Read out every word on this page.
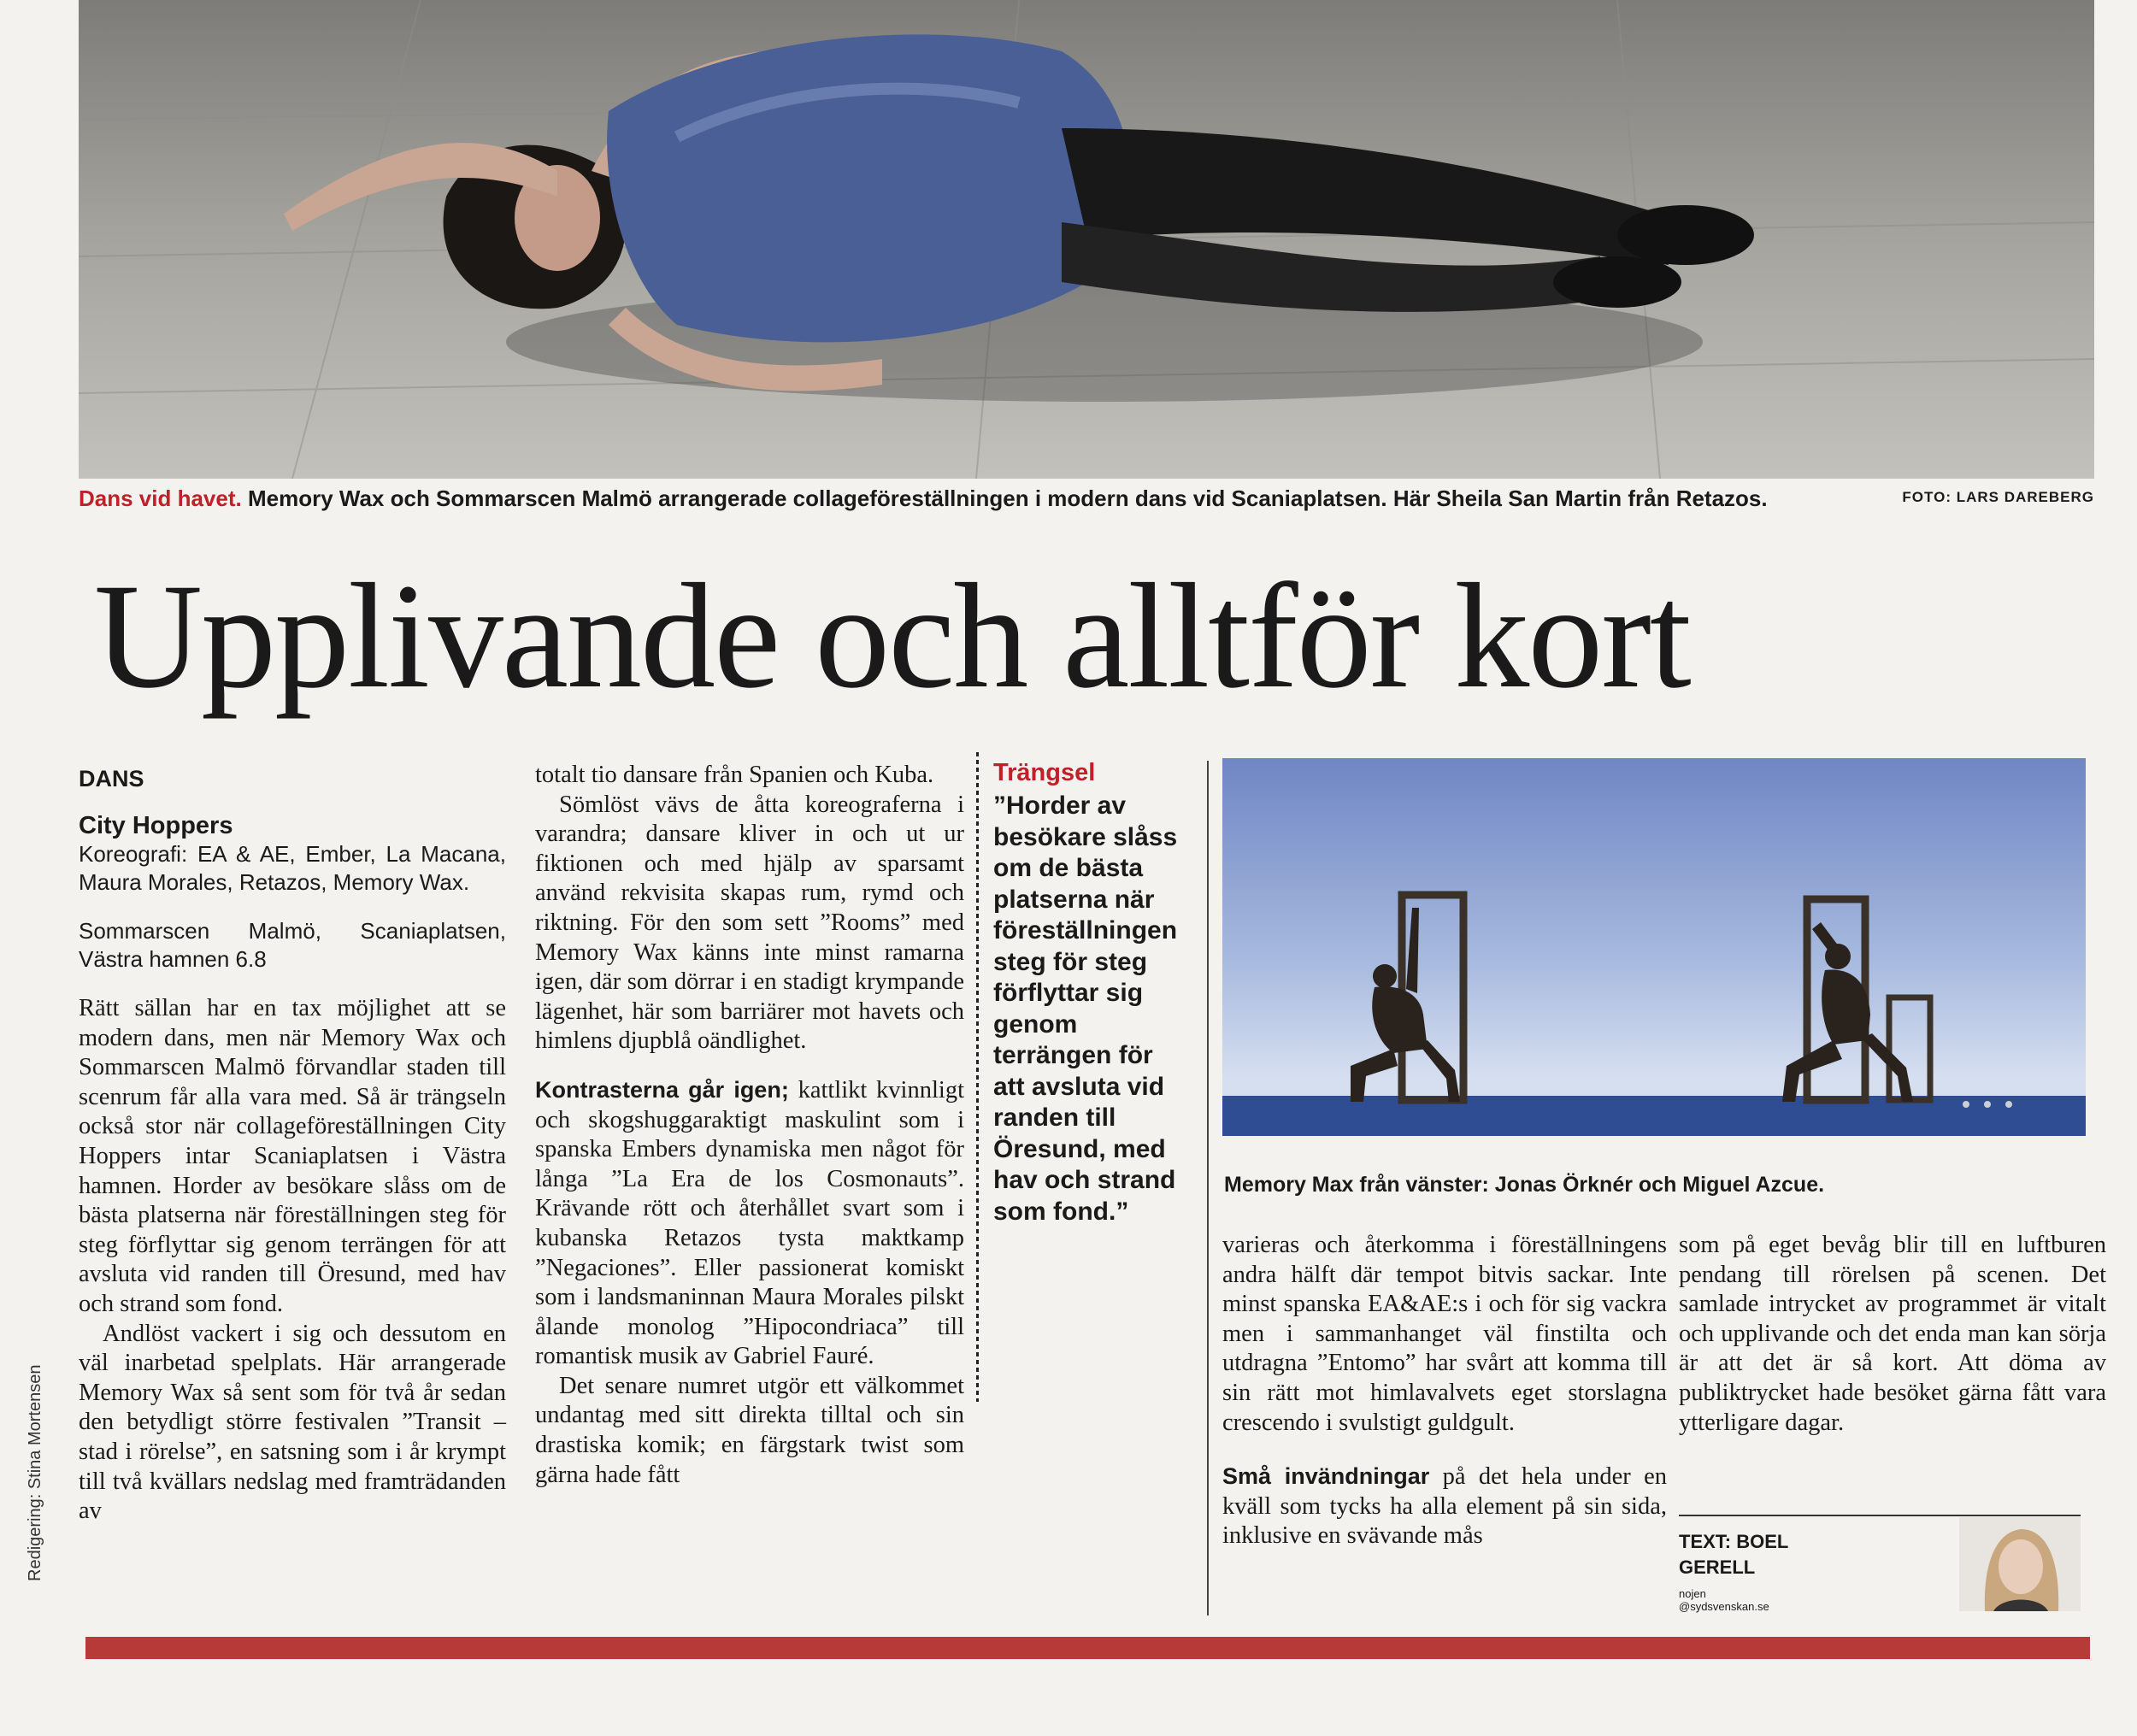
Dans vid havet. Memory Wax och Sommarscen Malmö arrangerade collageföreställningen i modern dans vid Scaniaplatsen. Här Sheila San Martin från Retazos.	FOTO: LARS DAREBERG
Upplivande och alltför kort
DANS
City Hoppers
Koreografi: EA & AE, Ember, La Macana, Maura Morales, Retazos, Memory Wax.
Sommarscen Malmö, Scaniaplatsen, Västra hamnen 6.8

Rätt sällan har en tax möjlighet att se modern dans, men när Memory Wax och Sommarscen Malmö förvandlar staden till scenrum får alla vara med. Så är trängseln också stor när collageföreställningen City Hoppers intar Scaniaplatsen i Västra hamnen. Horder av besökare slåss om de bästa platserna när föreställningen steg för steg förflyttar sig genom terrängen för att avsluta vid randen till Öresund, med hav och strand som fond.

Andlöst vackert i sig och dessutom en väl inarbetad spelplats. Här arrangerade Memory Wax så sent som för två år sedan den betydligt större festivalen ”Transit – stad i rörelse”, en satsning som i år krympt till två kvällars nedslag med framträdanden av

totalt tio dansare från Spanien och Kuba.

Sömlöst vävs de åtta koreograferna i varandra; dansare kliver in och ut ur fiktionen och med hjälp av sparsamt använd rekvisita skapas rum, rymd och riktning. För den som sett ”Rooms” med Memory Wax känns inte minst ramarna igen, där som dörrar i en stadigt krympande lägenhet, här som barriärer mot havets och himlens djupblå oändlighet.

Kontrasterna går igen; kattlikt kvinnligt och skogshuggaraktigt maskulint som i spanska Embers dynamiska men något för långa ”La Era de los Cosmonauts”. Krävande rött och återhållet svart som i kubanska Retazos tysta maktkamp ”Negaciones”. Eller passionerat komiskt som i landsmaninnan Maura Morales pilskt ålande monolog ”Hipocondriaca” till romantisk musik av Gabriel Fauré.

Det senare numret utgör ett välkommet undantag med sitt direkta tilltal och sin drastiska komik; en färgstark twist som gärna hade fått

Trängsel
”Horder av besökare slåss om de bästa platserna när föreställningen steg för steg förflyttar sig genom terrängen för att avsluta vid randen till Öresund, med hav och strand som fond.”
Memory Max från vänster: Jonas Örknér och Miguel Azcue.

varieras och återkomma i föreställningens andra hälft där tempot bitvis sackar. Inte minst spanska EA&AE:s i och för sig vackra men i sammanhanget väl finstilta och utdragna ”Entomo” har svårt att komma till sin rätt mot himlavalvets eget storslagna crescendo i svulstigt guldgult.

Små invändningar på det hela under en kväll som tycks ha alla element på sin sida, inklusive en svävande mås

som på eget bevåg blir till en luftburen pendang till rörelsen på scenen. Det samlade intrycket av programmet är vitalt och upplivande och det enda man kan sörja är att det är så kort. Att döma av publiktrycket hade besöket gärna fått vara ytterligare dagar.

TEXT: BOEL
GERELL
nojen
@sydsvenskan.se
Redigering: Stina Mortensen
